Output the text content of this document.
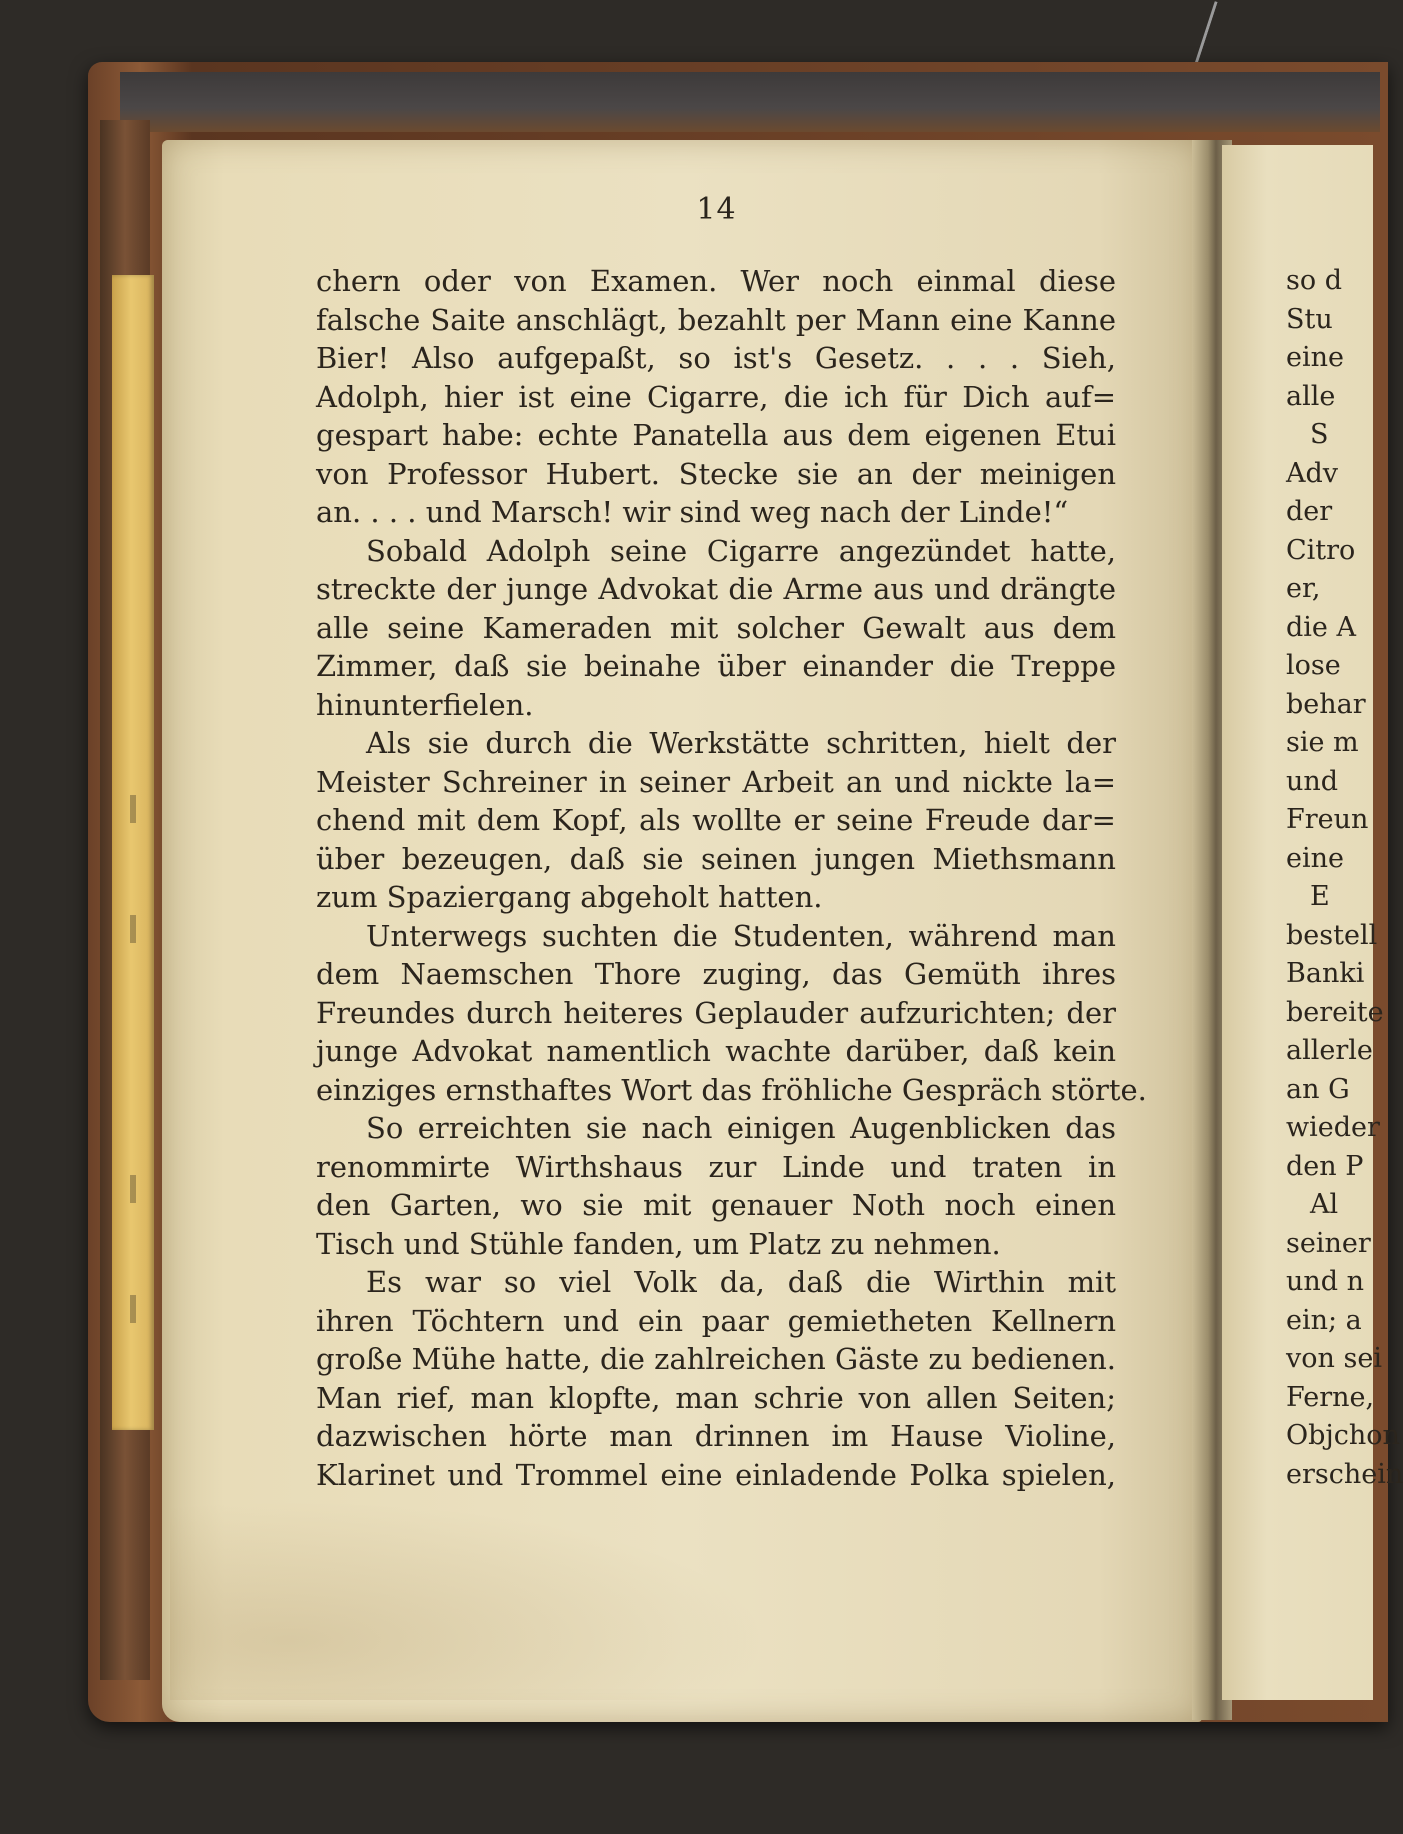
14
chern oder von Examen. Wer noch einmal diese
falsche Saite anschlägt, bezahlt per Mann eine Kanne
Bier! Also aufgepaßt, so ist's Gesetz. . . . Sieh,
Adolph, hier ist eine Cigarre, die ich für Dich auf=
gespart habe: echte Panatella aus dem eigenen Etui
von Professor Hubert. Stecke sie an der meinigen
an. . . . und Marsch! wir sind weg nach der Linde!“
Sobald Adolph seine Cigarre angezündet hatte,
streckte der junge Advokat die Arme aus und drängte
alle seine Kameraden mit solcher Gewalt aus dem
Zimmer, daß sie beinahe über einander die Treppe
hinunterfielen.
Als sie durch die Werkstätte schritten, hielt der
Meister Schreiner in seiner Arbeit an und nickte la=
chend mit dem Kopf, als wollte er seine Freude dar=
über bezeugen, daß sie seinen jungen Miethsmann
zum Spaziergang abgeholt hatten.
Unterwegs suchten die Studenten, während man
dem Naemschen Thore zuging, das Gemüth ihres
Freundes durch heiteres Geplauder aufzurichten; der
junge Advokat namentlich wachte darüber, daß kein
einziges ernsthaftes Wort das fröhliche Gespräch störte.
So erreichten sie nach einigen Augenblicken das
renommirte Wirthshaus zur Linde und traten in
den Garten, wo sie mit genauer Noth noch einen
Tisch und Stühle fanden, um Platz zu nehmen.
Es war so viel Volk da, daß die Wirthin mit
ihren Töchtern und ein paar gemietheten Kellnern
große Mühe hatte, die zahlreichen Gäste zu bedienen.
Man rief, man klopfte, man schrie von allen Seiten;
dazwischen hörte man drinnen im Hause Violine,
Klarinet und Trommel eine einladende Polka spielen,
so d
Stu
eine
alle
S
Adv
der
Citro
er,
die A
lose
behar
sie m
und
Freun
eine
E
bestell
Banki
bereite
allerle
an G
wieder
den P
Al
seiner
und n
ein; a
von sei
Ferne,
Objchon
erschein
